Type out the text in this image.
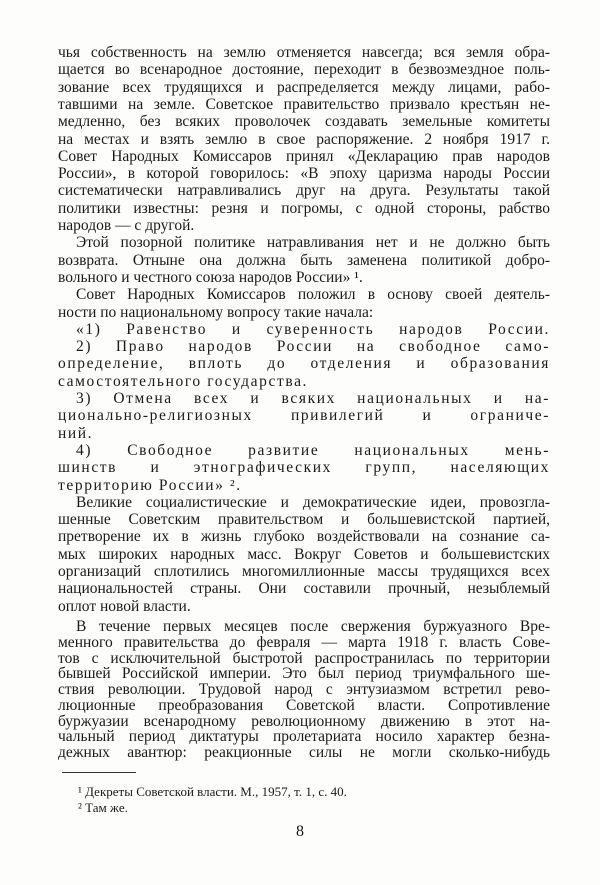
чья собственность на землю отменяется навсегда; вся земля обра-
щается во всенародное достояние, переходит в безвозмездное поль-
зование всех трудящихся и распределяется между лицами, рабо-
тавшими на земле. Советское правительство призвало крестьян не-
медленно, без всяких проволочек создавать земельные комитеты
на местах и взять землю в свое распоряжение. 2 ноября 1917 г.
Совет Народных Комиссаров принял «Декларацию прав народов
России», в которой говорилось: «В эпоху царизма народы России
систематически натравливались друг на друга. Результаты такой
политики известны: резня и погромы, с одной стороны, рабство
народов — с другой.
Этой позорной политике натравливания нет и не должно быть
возврата. Отныне она должна быть заменена политикой добро-
вольного и честного союза народов России» ¹.
Совет Народных Комиссаров положил в основу своей деятель-
ности по национальному вопросу такие начала:
«1) Равенство и суверенность народов России.
2) Право народов России на свободное само-
определение, вплоть до отделения и образования
самостоятельного государства.
3) Отмена всех и всяких национальных и на-
ционально-религиозных привилегий и ограниче-
ний.
4) Свободное развитие национальных мень-
шинств и этнографических групп, населяющих
территорию России» ².
Великие социалистические и демократические идеи, провозгла-
шенные Советским правительством и большевистской партией,
претворение их в жизнь глубоко воздействовали на сознание са-
мых широких народных масс. Вокруг Советов и большевистских
организаций сплотились многомиллионные массы трудящихся всех
национальностей страны. Они составили прочный, незыблемый
оплот новой власти.
В течение первых месяцев после свержения буржуазного Вре-
менного правительства до февраля — марта 1918 г. власть Сове-
тов с исключительной быстротой распространилась по территории
¹ Декреты Советской власти. М., 1957, т. 1, с. 40.
² Там же.
8
бывшей Российской империи. Это был период триумфального ше-
ствия революции. Трудовой народ с энтузиазмом встретил рево-
люционные преобразования Советской власти. Сопротивление
буржуазии всенародному революционному движению в этот на-
чальный период диктатуры пролетариата носило характер безна-
дежных авантюр: реакционные силы не могли сколько-нибудь
